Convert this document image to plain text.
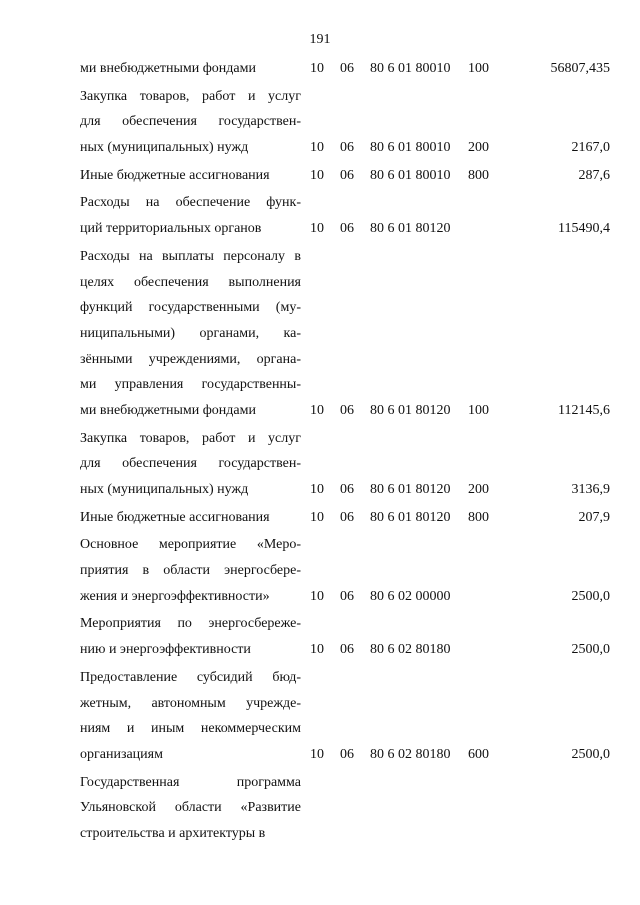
191
ми внебюджетными фондами	10 06 80 6 01 80010 100	56807,435
Закупка товаров, работ и услуг
для обеспечения государствен-
ных (муниципальных) нужд	10 06 80 6 01 80010 200	2167,0
Иные бюджетные ассигнования	10 06 80 6 01 80010 800	287,6
Расходы на обеспечение функ-
ций территориальных органов	10 06 80 6 01 80120	115490,4
Расходы на выплаты персоналу в
целях обеспечения выполнения
функций государственными (му-
ниципальными) органами, ка-
зёнными учреждениями, органа-
ми управления государственны-
ми внебюджетными фондами	10 06 80 6 01 80120 100	112145,6
Закупка товаров, работ и услуг
для обеспечения государствен-
ных (муниципальных) нужд	10 06 80 6 01 80120 200	3136,9
Иные бюджетные ассигнования	10 06 80 6 01 80120 800	207,9
Основное мероприятие «Меро-
приятия в области энергосбере-
жения и энергоэффективности»	10 06 80 6 02 00000	2500,0
Мероприятия по энергосбереже-
нию и энергоэффективности	10 06 80 6 02 80180	2500,0
Предоставление субсидий бюд-
жетным, автономным учрежде-
ниям и иным некоммерческим
организациям	10 06 80 6 02 80180 600	2500,0
Государственная программа
Ульяновской области «Развитие
строительства и архитектуры в
